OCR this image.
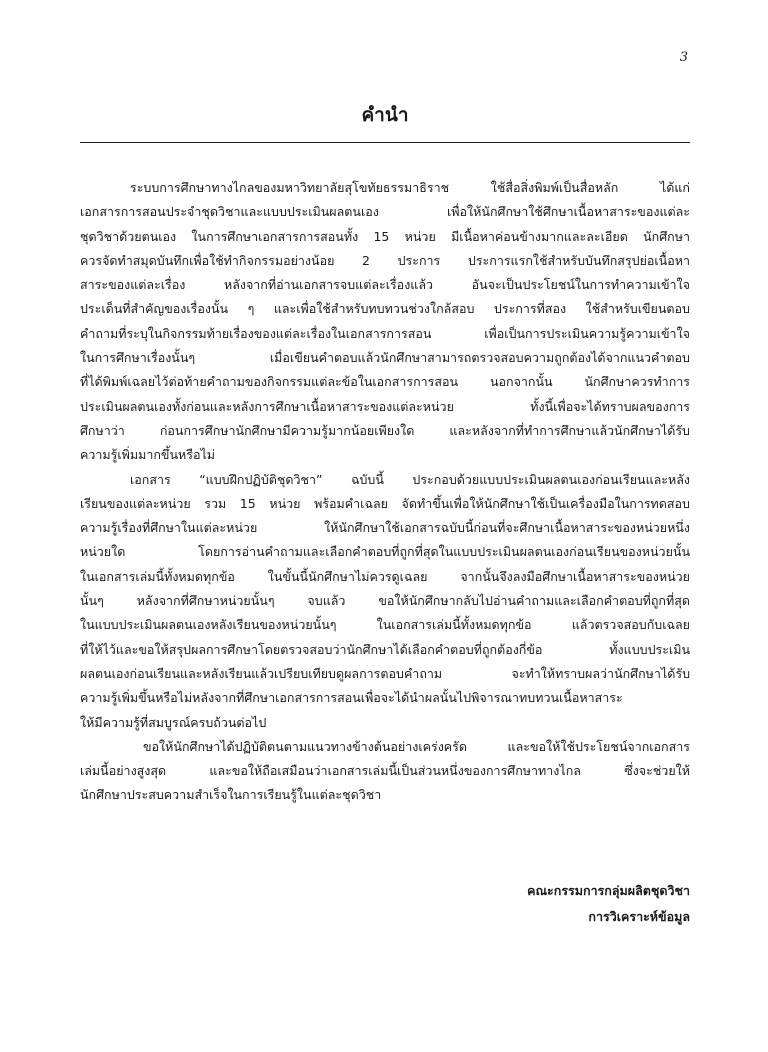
3
คำนำ
ระบบการศึกษาทางไกลของมหาวิทยาลัยสุโขทัยธรรมาธิราช ใช้สื่อสิ่งพิมพ์เป็นสื่อหลัก ได้แก่
เอกสารการสอนประจำชุดวิชาและแบบประเมินผลตนเอง เพื่อให้นักศึกษาใช้ศึกษาเนื้อหาสาระของแต่ละ
ชุดวิชาด้วยตนเอง ในการศึกษาเอกสารการสอนทั้ง 15 หน่วย มีเนื้อหาค่อนข้างมากและละเอียด นักศึกษา
ควรจัดทำสมุดบันทึกเพื่อใช้ทำกิจกรรมอย่างน้อย 2 ประการ ประการแรกใช้สำหรับบันทึกสรุปย่อเนื้อหา
สาระของแต่ละเรื่อง หลังจากที่อ่านเอกสารจบแต่ละเรื่องแล้ว อันจะเป็นประโยชน์ในการทำความเข้าใจ
ประเด็นที่สำคัญของเรื่องนั้น ๆ และเพื่อใช้สำหรับทบทวนช่วงใกล้สอบ ประการที่สอง ใช้สำหรับเขียนตอบ
คำถามที่ระบุในกิจกรรมท้ายเรื่องของแต่ละเรื่องในเอกสารการสอน เพื่อเป็นการประเมินความรู้ความเข้าใจ
ในการศึกษาเรื่องนั้นๆ เมื่อเขียนคำตอบแล้วนักศึกษาสามารถตรวจสอบความถูกต้องได้จากแนวคำตอบ
ที่ได้พิมพ์เฉลยไว้ต่อท้ายคำถามของกิจกรรมแต่ละข้อในเอกสารการสอน นอกจากนั้น นักศึกษาควรทำการ
ประเมินผลตนเองทั้งก่อนและหลังการศึกษาเนื้อหาสาระของแต่ละหน่วย ทั้งนี้เพื่อจะได้ทราบผลของการ
ศึกษาว่า ก่อนการศึกษานักศึกษามีความรู้มากน้อยเพียงใด และหลังจากที่ทำการศึกษาแล้วนักศึกษาได้รับ
ความรู้เพิ่มมากขึ้นหรือไม่
เอกสาร “แบบฝึกปฏิบัติชุดวิชา” ฉบับนี้ ประกอบด้วยแบบประเมินผลตนเองก่อนเรียนและหลัง
เรียนของแต่ละหน่วย รวม 15 หน่วย พร้อมคำเฉลย จัดทำขึ้นเพื่อให้นักศึกษาใช้เป็นเครื่องมือในการทดสอบ
ความรู้เรื่องที่ศึกษาในแต่ละหน่วย ให้นักศึกษาใช้เอกสารฉบับนี้ก่อนที่จะศึกษาเนื้อหาสาระของหน่วยหนึ่ง
หน่วยใด โดยการอ่านคำถามและเลือกคำตอบที่ถูกที่สุดในแบบประเมินผลตนเองก่อนเรียนของหน่วยนั้น
ในเอกสารเล่มนี้ทั้งหมดทุกข้อ ในขั้นนี้นักศึกษาไม่ควรดูเฉลย จากนั้นจึงลงมือศึกษาเนื้อหาสาระของหน่วย
นั้นๆ หลังจากที่ศึกษาหน่วยนั้นๆ จบแล้ว ขอให้นักศึกษากลับไปอ่านคำถามและเลือกคำตอบที่ถูกที่สุด
ในแบบประเมินผลตนเองหลังเรียนของหน่วยนั้นๆ ในเอกสารเล่มนี้ทั้งหมดทุกข้อ แล้วตรวจสอบกับเฉลย
ที่ให้ไว้และขอให้สรุปผลการศึกษาโดยตรวจสอบว่านักศึกษาได้เลือกคำตอบที่ถูกต้องกี่ข้อ ทั้งแบบประเมิน
ผลตนเองก่อนเรียนและหลังเรียนแล้วเปรียบเทียบดูผลการตอบคำถาม จะทำให้ทราบผลว่านักศึกษาได้รับ
ความรู้เพิ่มขึ้นหรือไม่หลังจากที่ศึกษาเอกสารการสอนเพื่อจะได้นำผลนั้นไปพิจารณาทบทวนเนื้อหาสาระ
ให้มีความรู้ที่สมบูรณ์ครบถ้วนต่อไป
ขอให้นักศึกษาได้ปฏิบัติตนตามแนวทางข้างต้นอย่างเคร่งครัด และขอให้ใช้ประโยชน์จากเอกสาร
เล่มนี้อย่างสูงสุด และขอให้ถือเสมือนว่าเอกสารเล่มนี้เป็นส่วนหนึ่งของการศึกษาทางไกล ซึ่งจะช่วยให้
นักศึกษาประสบความสำเร็จในการเรียนรู้ในแต่ละชุดวิชา
คณะกรรมการกลุ่มผลิตชุดวิชา
การวิเคราะห์ข้อมูล
